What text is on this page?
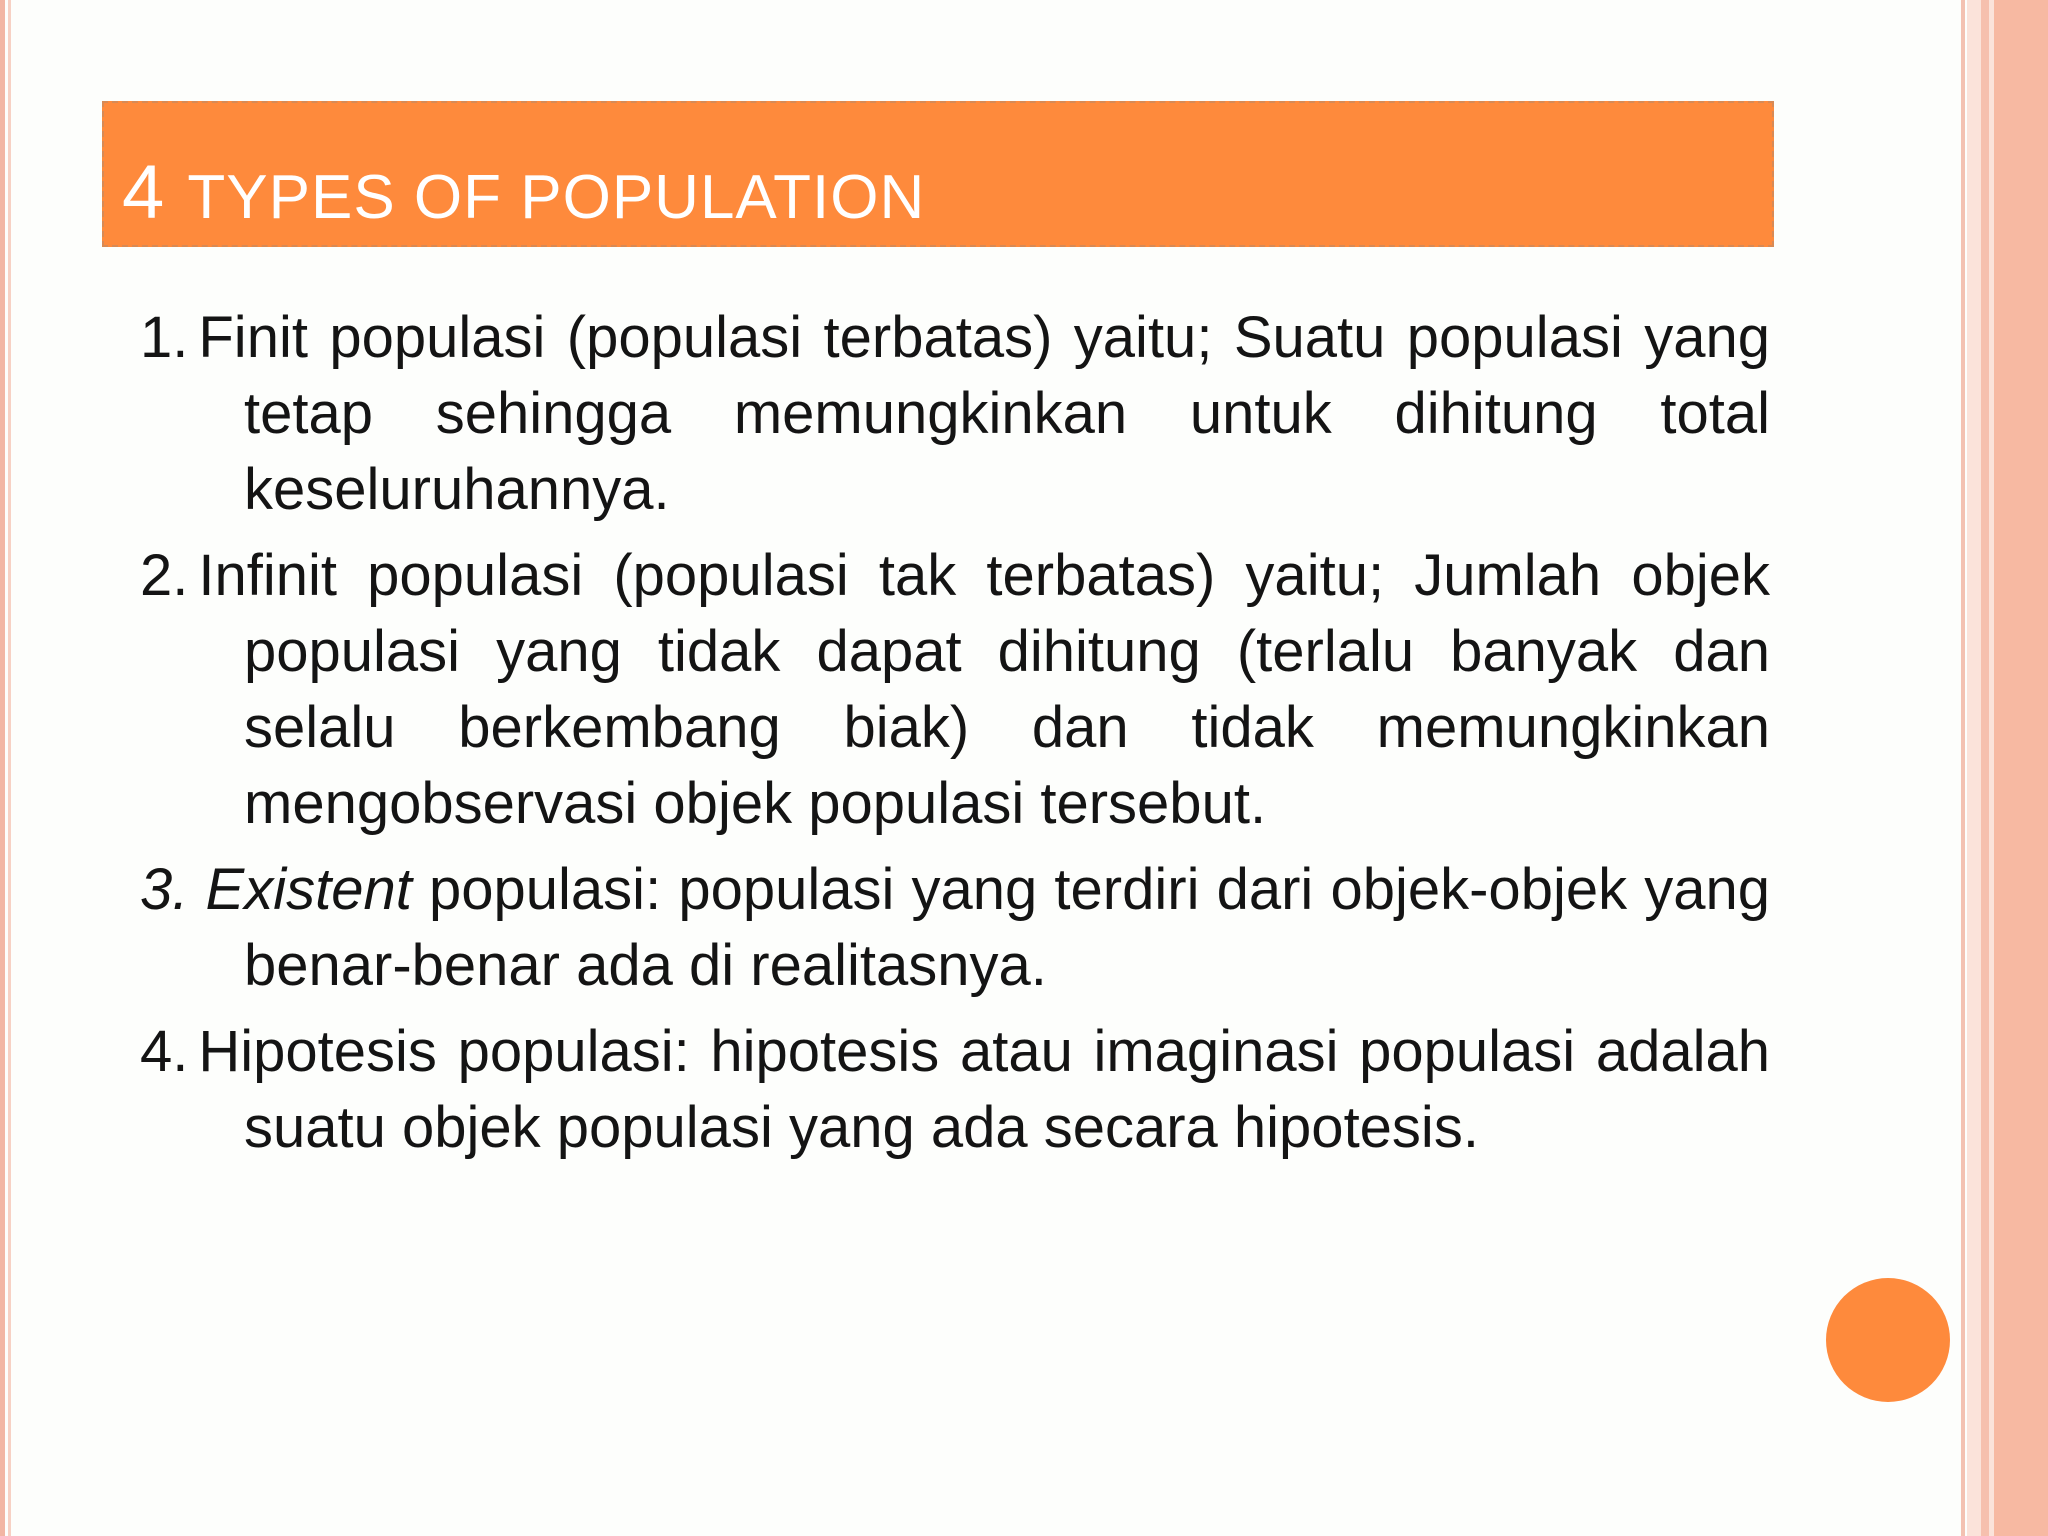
4 TYPES OF POPULATION
1. Finit populasi (populasi terbatas) yaitu; Suatu populasi yang tetap sehingga memungkinkan untuk dihitung total keseluruhannya.
2. Infinit populasi (populasi tak terbatas) yaitu; Jumlah objek populasi yang tidak dapat dihitung (terlalu banyak dan selalu berkembang biak) dan tidak memungkinkan mengobservasi objek populasi tersebut.
3. Existent populasi: populasi yang terdiri dari objek-objek yang benar-benar ada di realitasnya.
4. Hipotesis populasi: hipotesis atau imaginasi populasi adalah suatu objek populasi yang ada secara hipotesis.
